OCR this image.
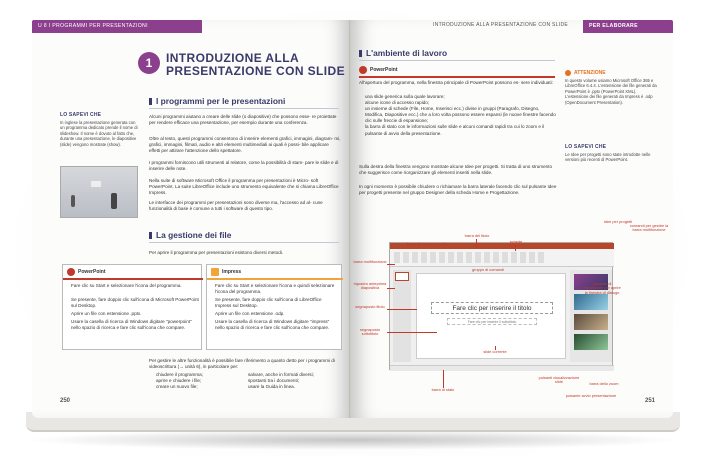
U 8 I PROGRAMMI PER PRESENTAZIONI
1	INTRODUZIONE ALLA
PRESENTAZIONE CON SLIDE
I programmi per le presentazioni
LO SAPEVI CHE
In inglese la presentazione generata con un programma dedicato prende il nome di slideshow. Il nome è dovuto al fatto che, durante una presentazione, le diapositive (slide) vengono mostrate (show).
Alcuni programmi aiutano a creare delle slide (o diapositive) che possono esse- re proiettate per rendere efficace una presentazione, per esempio durante una conferenza.
Oltre al testo, questi programmi consentono di inserire elementi grafici, immagini, diagram- mi, grafici, immagini, filmati, audio e altri elementi multimediali ai quali è possi- bile applicare effetti per attirare l'attenzione dello spettatore.
I programmi forniscono utili strumenti al relatore, come la possibilità di stam- pare le slide e di inserire delle note.
Nella suite di software Microsoft Office il programma per presentazioni è Micro- soft PowerPoint. La suite LibreOffice include uno strumento equivalente che si chiama LibreOffice Impress.
Le interfacce dei programmi per presentazioni sono diverse ma, l'accesso ad al- cune funzionalità di base è comune a tutti i software di questo tipo.
La gestione dei file
Per aprire il programma per presentazioni esistono diversi metodi.
PowerPoint
Fare clic su Start e selezionare l'icona del programma.
Se presente, fare doppio clic sull'icona di Microsoft PowerPoint sul Desktop.
Aprire un file con estensione .pptx.
Usare la casella di ricerca di Windows digitare "powerpoint" nello spazio di ricerca e fare clic sull'icona che compare.
Impress
Fare clic su Start e selezionare l'icona e quindi selezionare l'icona del programma.
Se presente, fare doppio clic sull'icona di LibreOffice Impress sul Desktop.
Aprire un file con estensione .odp.
Usare la casella di ricerca di Windows digitare "impress" nello spazio di ricerca e fare clic sull'icona che compare.
Per gestire le altre funzionalità è possibile fare riferimento a quanto detto per i programmi di videoscrittura (→ unità 6), in particolare per:
chiudere il programma;
aprire e chiudere i file;
creare un nuovo file;
salvare, anche in formati diversi;
spostarsi tra i documenti;
usare la Guida in linea.
250
INTRODUZIONE ALLA PRESENTAZIONE CON SLIDE	PER ELABORARE
L'ambiente di lavoro
PowerPoint
All'apertura del programma, nella finestra principale di PowerPoint possono es- sere individuati:
una slide generica sulla quale lavorare;
alcune icone di accesso rapido;
un insieme di schede (File, Home, Inserisci ecc.) divise in gruppi (Paragrafo, Disegno, Modifica, Diapositive ecc.) che a loro volta possono essere espansi (le nuove finestre facendo clic sulle freccie di espansione;
la barra di stato con le informazioni sulle slide e alcuni comandi rapidi tra cui lo zoom e il pulsante di avvio della presentazione.
Sulla destra della finestra vengono mostrate alcune Idee per progetti. Si tratta di uno strumento che suggerisce come riorganizzare gli elementi inseriti nella slide.
In ogni momento è possibile chiudere o richiamare la barra laterale facendo clic sul pulsante Idee per progetti presente nel gruppo Designer della scheda Home e Progettazione.
ATTENZIONE
In questo volume usiamo Microsoft Office 365 e LibreOffice 6.4.4. L'estensione dei file generati da PowerPoint è .pptx (PowerPoint XML). L'estensione dei file generati da Impress è .odp (OpenDocument Presentation).
LO SAPEVI CHE
Le Idee per progetti sono state introdotte nelle versioni più recenti di PowerPoint.
Fare clic per inserire il titolo
Fare clic per inserire il sottotitolo
barra del titolo
barra di accesso rapido	schede
idee per progetti
comandi per gestire la barra multifunzione
barra multifunzione
gruppo di comandi
riquadro anteprima diapositiva
pulsante di espansione per aprire la finestra di dialogo
segnaposto titolo
segnaposto sottotitolo
slide corrente
barra di stato
pulsanti visualizzazione slide	barra dello zoom
pulsante avvio presentazione
251
